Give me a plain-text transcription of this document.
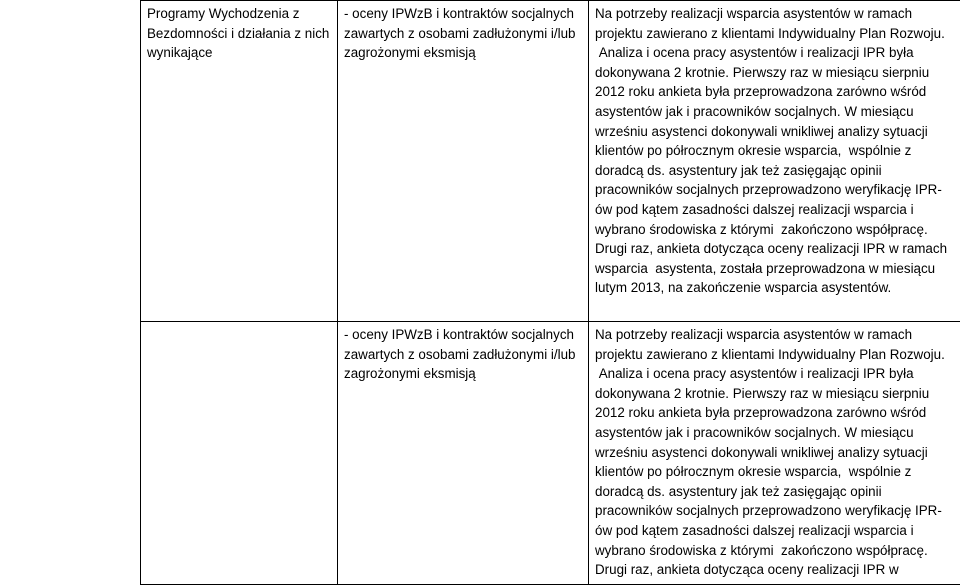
Programy Wychodzenia z Bezdomności i działania z nich wynikające	- oceny IPWzB i kontraktów socjalnych zawartych z osobami zadłużonymi i/lub zagrożonymi eksmisją	Na potrzeby realizacji wsparcia asystentów w ramach projektu zawierano z klientami Indywidualny Plan Rozwoju.
Analiza i ocena pracy asystentów i realizacji IPR była dokonywana 2 krotnie. Pierwszy raz w miesiącu sierpniu 2012 roku ankieta była przeprowadzona zarówno wśród asystentów jak i pracowników socjalnych. W miesiącu wrześniu asystenci dokonywali wnikliwej analizy sytuacji klientów po półrocznym okresie wsparcia,  wspólnie z doradcą ds. asystentury jak też zasięgając opinii pracowników socjalnych przeprowadzono weryfikację IPR-ów pod kątem zasadności dalszej realizacji wsparcia i wybrano środowiska z którymi  zakończono współpracę. Drugi raz, ankieta dotycząca oceny realizacji IPR w ramach wsparcia  asystenta, została przeprowadzona w miesiącu lutym 2013, na zakończenie wsparcia asystentów.

	- oceny IPWzB i kontraktów socjalnych zawartych z osobami zadłużonymi i/lub zagrożonymi eksmisją	Na potrzeby realizacji wsparcia asystentów w ramach projektu zawierano z klientami Indywidualny Plan Rozwoju.
Analiza i ocena pracy asystentów i realizacji IPR była dokonywana 2 krotnie. Pierwszy raz w miesiącu sierpniu 2012 roku ankieta była przeprowadzona zarówno wśród asystentów jak i pracowników socjalnych. W miesiącu wrześniu asystenci dokonywali wnikliwej analizy sytuacji klientów po półrocznym okresie wsparcia,  wspólnie z doradcą ds. asystentury jak też zasięgając opinii pracowników socjalnych przeprowadzono weryfikację IPR-ów pod kątem zasadności dalszej realizacji wsparcia i wybrano środowiska z którymi  zakończono współpracę. Drugi raz, ankieta dotycząca oceny realizacji IPR w
